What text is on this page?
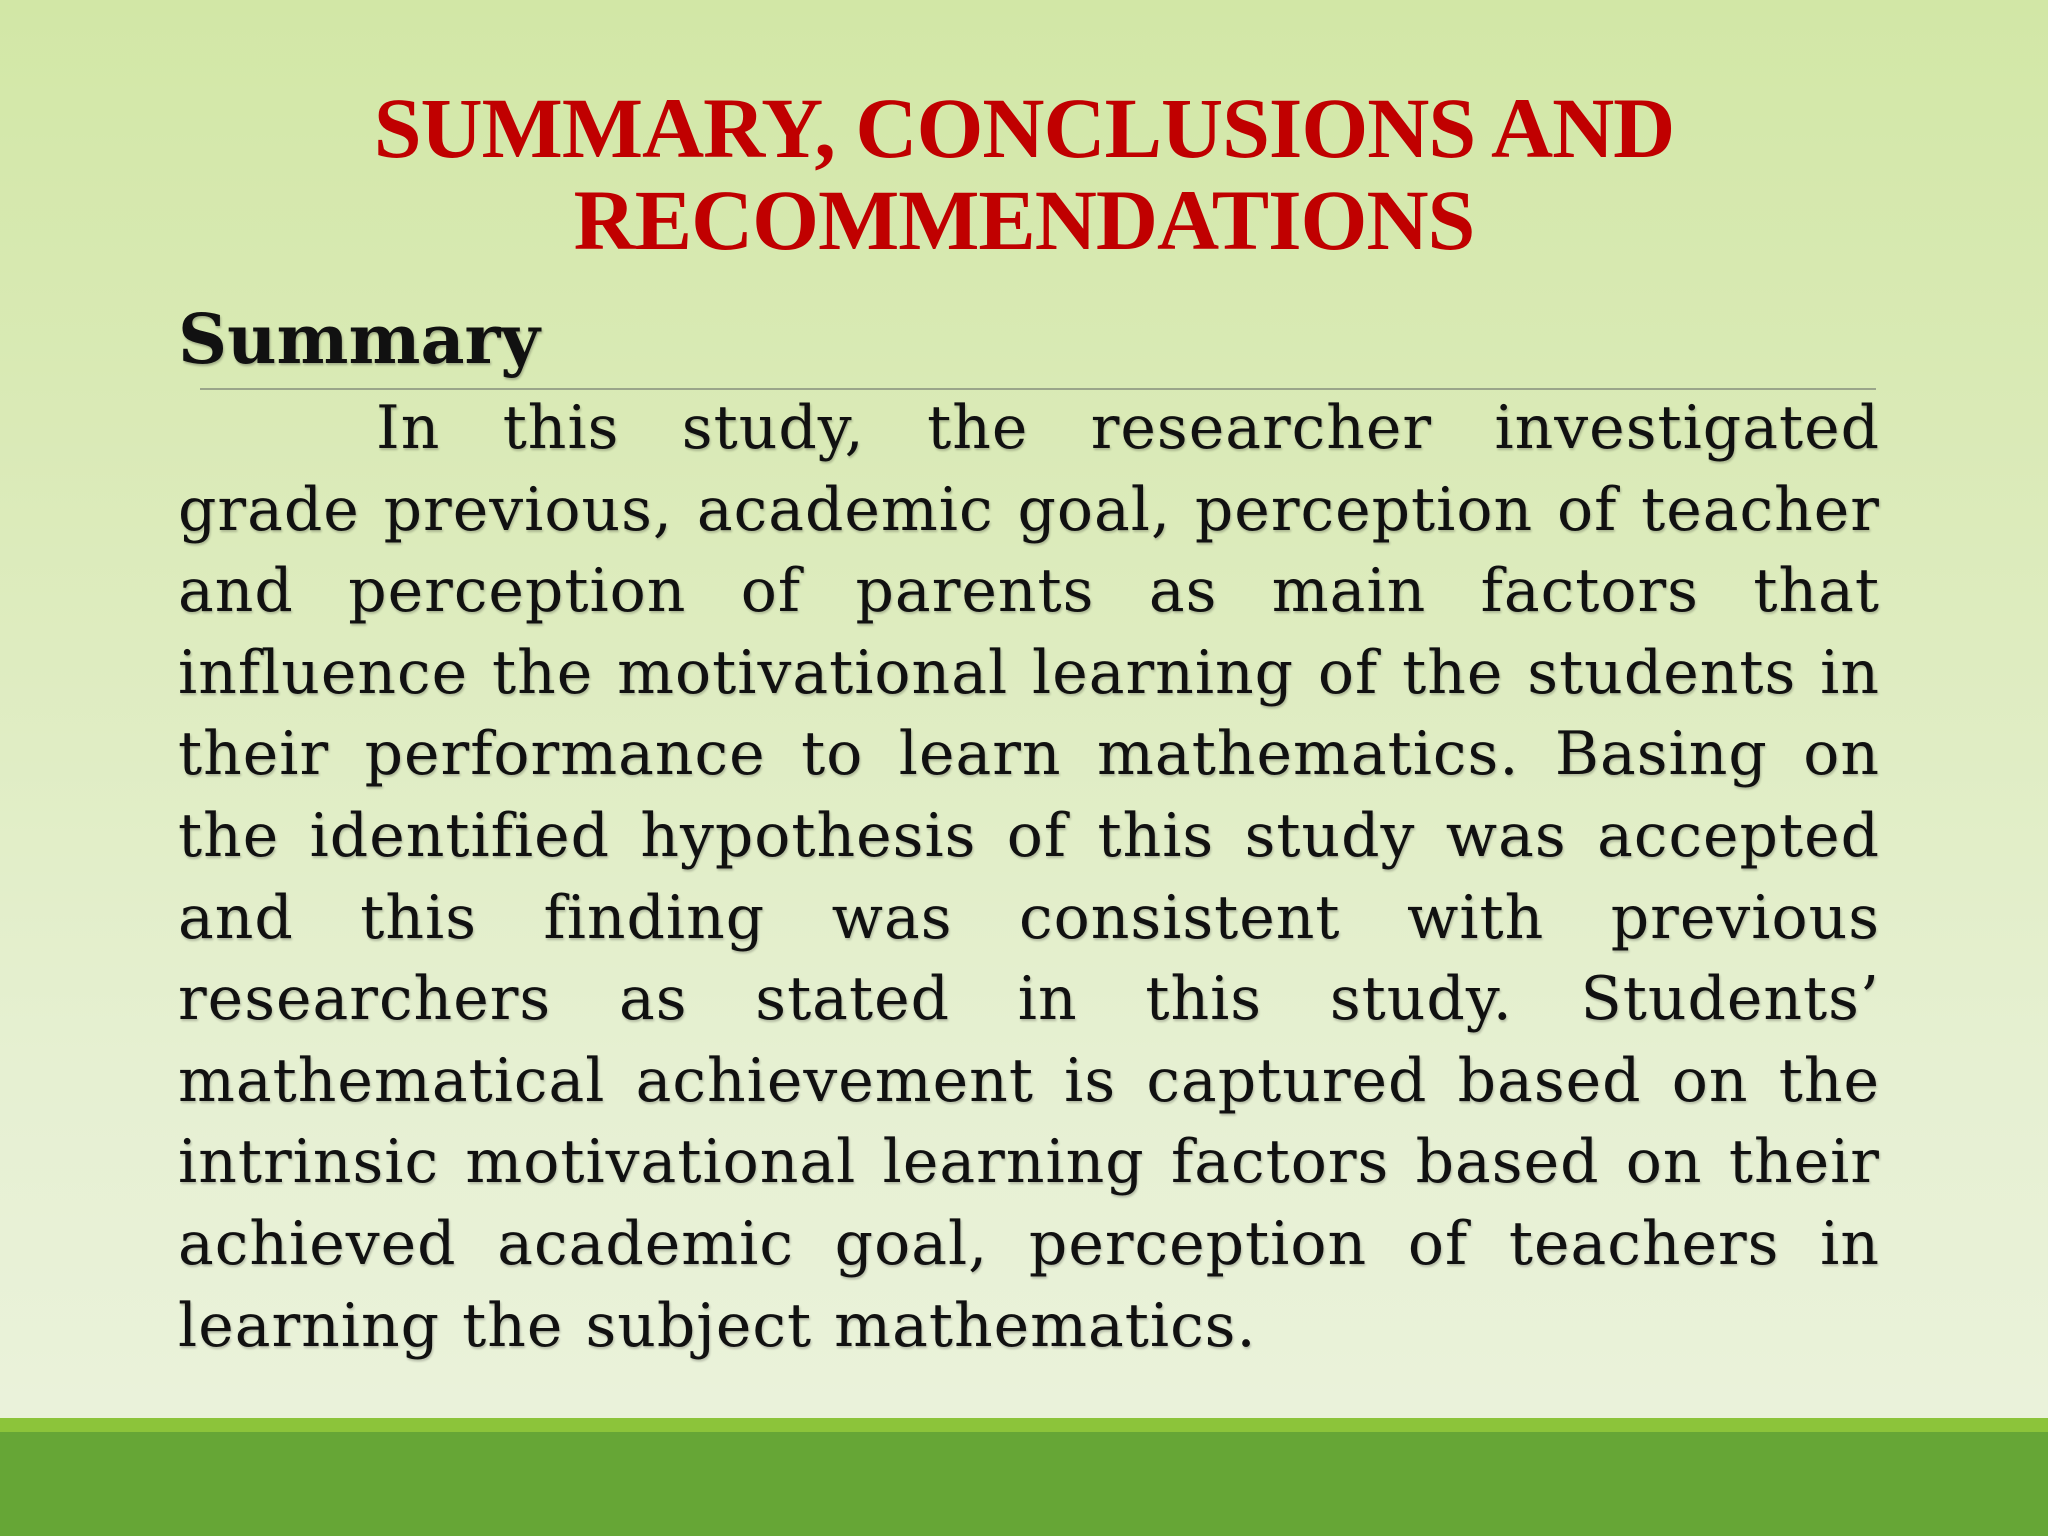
SUMMARY, CONCLUSIONS AND
RECOMMENDATIONS
Summary

In this study, the researcher investigated grade previous, academic goal, perception of teacher and perception of parents as main factors that influence the motivational learning of the students in their performance to learn mathematics. Basing on the identified hypothesis of this study was accepted and this finding was consistent with previous researchers as stated in this study. Students’ mathematical achievement is captured based on the intrinsic motivational learning factors based on their achieved academic goal, perception of teachers in learning the subject mathematics.
